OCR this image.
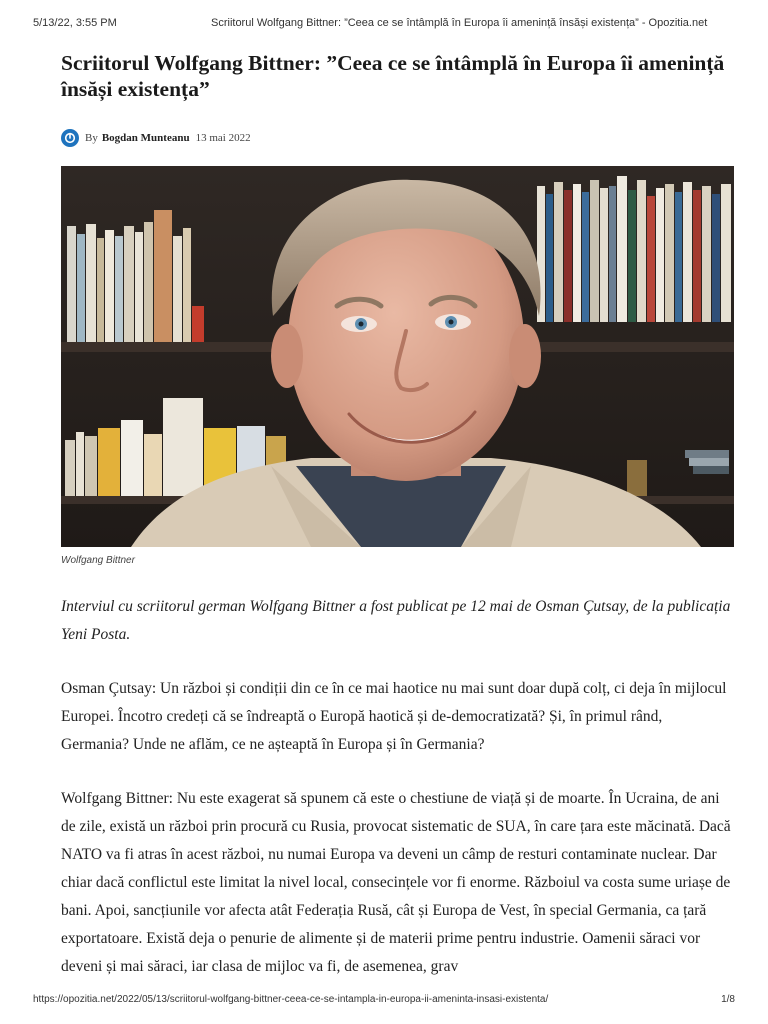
5/13/22, 3:55 PM	Scriitorul Wolfgang Bittner: ”Ceea ce se întâmplă în Europa îi amenință însăși existența” - Opozitia.net
Scriitorul Wolfgang Bittner: ”Ceea ce se întâmplă în Europa îi amenință însăși existența”
By Bogdan Munteanu 13 mai 2022
Wolfgang Bittner

Interviul cu scriitorul german Wolfgang Bittner a fost publicat pe 12 mai de Osman Çutsay, de la publicația Yeni Posta.

Osman Çutsay: Un război și condiții din ce în ce mai haotice nu mai sunt doar după colț, ci deja în mijlocul Europei. Încotro credeți că se îndreaptă o Europă haotică și de-democratizată? Și, în primul rând, Germania? Unde ne aflăm, ce ne așteaptă în Europa și în Germania?

Wolfgang Bittner: Nu este exagerat să spunem că este o chestiune de viață și de moarte. În Ucraina, de ani de zile, există un război prin procură cu Rusia, provocat sistematic de SUA, în care țara este măcinată. Dacă NATO va fi atras în acest război, nu numai Europa va deveni un câmp de resturi contaminate nuclear. Dar chiar dacă conflictul este limitat la nivel local, consecințele vor fi enorme. Războiul va costa sume uriașe de bani. Apoi, sancțiunile vor afecta atât Federația Rusă, cât și Europa de Vest, în special Germania, ca țară exportatoare. Există deja o penurie de alimente și de materii prime pentru industrie. Oamenii săraci vor deveni și mai săraci, iar clasa de mijloc va fi, de asemenea, grav

https://opozitia.net/2022/05/13/scriitorul-wolfgang-bittner-ceea-ce-se-intampla-in-europa-ii-ameninta-insasi-existenta/	1/8
